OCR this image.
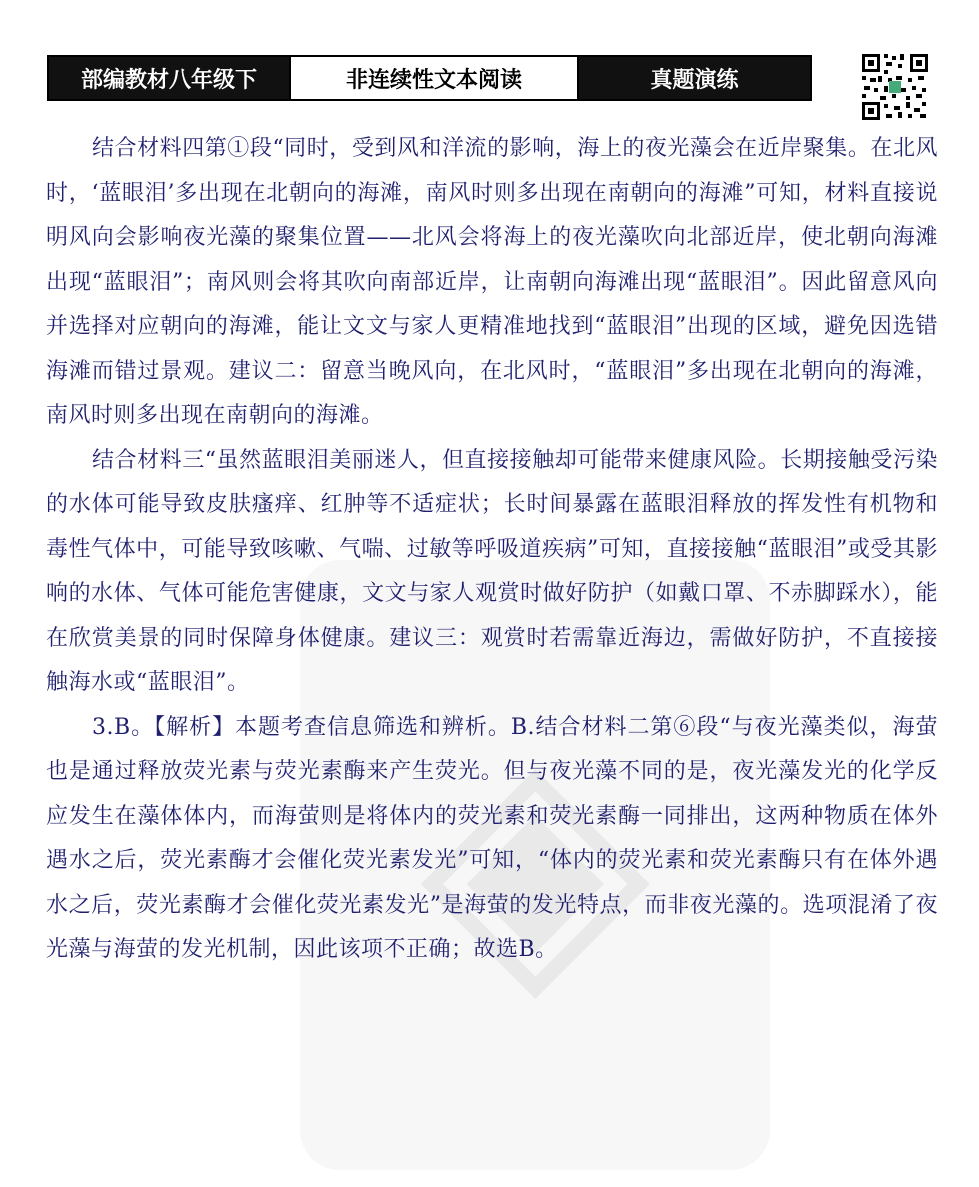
◈
部编教材八年级下	非连续性文本阅读	真题演练

结合材料四第①段“同时，受到风和洋流的影响，海上的夜光藻会在近岸聚集。在北风时，‘蓝眼泪’多出现在北朝向的海滩，南风时则多出现在南朝向的海滩”可知，材料直接说明风向会影响夜光藻的聚集位置——北风会将海上的夜光藻吹向北部近岸，使北朝向海滩出现“蓝眼泪”；南风则会将其吹向南部近岸，让南朝向海滩出现“蓝眼泪”。因此留意风向并选择对应朝向的海滩，能让文文与家人更精准地找到“蓝眼泪”出现的区域，避免因选错海滩而错过景观。建议二：留意当晚风向，在北风时，“蓝眼泪”多出现在北朝向的海滩，南风时则多出现在南朝向的海滩。

结合材料三“虽然蓝眼泪美丽迷人，但直接接触却可能带来健康风险。长期接触受污染的水体可能导致皮肤瘙痒、红肿等不适症状；长时间暴露在蓝眼泪释放的挥发性有机物和毒性气体中，可能导致咳嗽、气喘、过敏等呼吸道疾病”可知，直接接触“蓝眼泪”或受其影响的水体、气体可能危害健康，文文与家人观赏时做好防护（如戴口罩、不赤脚踩水），能在欣赏美景的同时保障身体健康。建议三：观赏时若需靠近海边，需做好防护，不直接接触海水或“蓝眼泪”。

3.B。【解析】本题考查信息筛选和辨析。B.结合材料二第⑥段“与夜光藻类似，海萤也是通过释放荧光素与荧光素酶来产生荧光。但与夜光藻不同的是，夜光藻发光的化学反应发生在藻体体内，而海萤则是将体内的荧光素和荧光素酶一同排出，这两种物质在体外遇水之后，荧光素酶才会催化荧光素发光”可知，“体内的荧光素和荧光素酶只有在体外遇水之后，荧光素酶才会催化荧光素发光”是海萤的发光特点，而非夜光藻的。选项混淆了夜光藻与海萤的发光机制，因此该项不正确；故选B。
